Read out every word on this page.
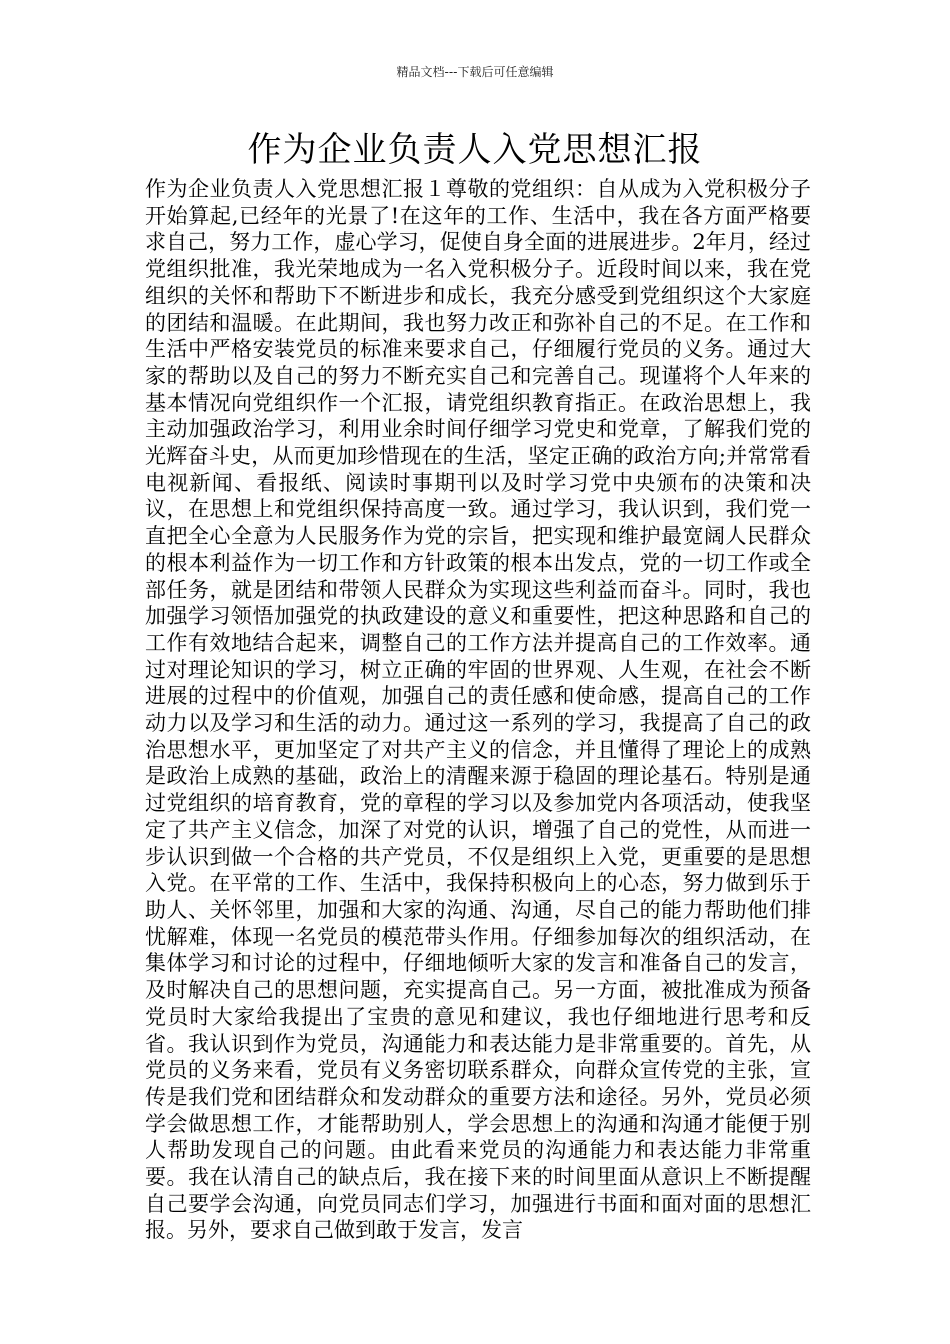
精品文档---下载后可任意编辑
作为企业负责人入党思想汇报
作为企业负责人入党思想汇报１尊敬的党组织：自从成为入党积极分子开始算起,已经年的光景了!在这年的工作、生活中，我在各方面严格要求自己，努力工作，虚心学习，促使自身全面的进展进步。2年月，经过党组织批准，我光荣地成为一名入党积极分子。近段时间以来，我在党组织的关怀和帮助下不断进步和成长，我充分感受到党组织这个大家庭的团结和温暖。在此期间，我也努力改正和弥补自己的不足。在工作和生活中严格安装党员的标准来要求自己，仔细履行党员的义务。通过大家的帮助以及自己的努力不断充实自己和完善自己。现谨将个人年来的基本情况向党组织作一个汇报，请党组织教育指正。在政治思想上，我主动加强政治学习，利用业余时间仔细学习党史和党章，了解我们党的光辉奋斗史，从而更加珍惜现在的生活，坚定正确的政治方向;并常常看电视新闻、看报纸、阅读时事期刊以及时学习党中央颁布的决策和决议，在思想上和党组织保持高度一致。通过学习，我认识到，我们党一直把全心全意为人民服务作为党的宗旨，把实现和维护最宽阔人民群众的根本利益作为一切工作和方针政策的根本出发点，党的一切工作或全部任务，就是团结和带领人民群众为实现这些利益而奋斗。同时，我也加强学习领悟加强党的执政建设的意义和重要性，把这种思路和自己的工作有效地结合起来，调整自己的工作方法并提高自己的工作效率。通过对理论知识的学习，树立正确的牢固的世界观、人生观，在社会不断进展的过程中的价值观，加强自己的责任感和使命感，提高自己的工作动力以及学习和生活的动力。通过这一系列的学习，我提高了自己的政治思想水平，更加坚定了对共产主义的信念，并且懂得了理论上的成熟是政治上成熟的基础，政治上的清醒来源于稳固的理论基石。特别是通过党组织的培育教育，党的章程的学习以及参加党内各项活动，使我坚定了共产主义信念，加深了对党的认识，增强了自己的党性，从而进一步认识到做一个合格的共产党员，不仅是组织上入党，更重要的是思想入党。在平常的工作、生活中，我保持积极向上的心态，努力做到乐于助人、关怀邻里，加强和大家的沟通、沟通，尽自己的能力帮助他们排忧解难，体现一名党员的模范带头作用。仔细参加每次的组织活动，在集体学习和讨论的过程中，仔细地倾听大家的发言和准备自己的发言，及时解决自己的思想问题，充实提高自己。另一方面，被批准成为预备党员时大家给我提出了宝贵的意见和建议，我也仔细地进行思考和反省。我认识到作为党员，沟通能力和表达能力是非常重要的。首先，从党员的义务来看，党员有义务密切联系群众，向群众宣传党的主张，宣传是我们党和团结群众和发动群众的重要方法和途径。另外，党员必须学会做思想工作，才能帮助别人，学会思想上的沟通和沟通才能便于别人帮助发现自己的问题。由此看来党员的沟通能力和表达能力非常重要。我在认清自己的缺点后，我在接下来的时间里面从意识上不断提醒自己要学会沟通，向党员同志们学习，加强进行书面和面对面的思想汇报。另外，要求自己做到敢于发言，发言
